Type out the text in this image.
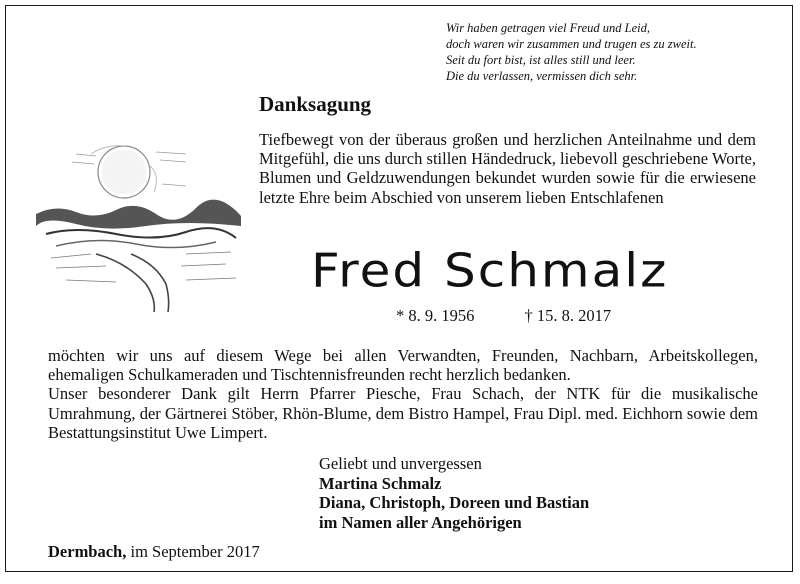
Wir haben getragen viel Freud und Leid,
doch waren wir zusammen und trugen es zu zweit.
Seit du fort bist, ist alles still und leer.
Die du verlassen, vermissen dich sehr.
Danksagung
Tiefbewegt von der überaus großen und herzlichen Anteilnahme und dem Mitgefühl, die uns durch stillen Händedruck, liebevoll geschriebene Worte, Blumen und Geldzuwendungen bekundet wurden sowie für die erwiesene letzte Ehre beim Abschied von unserem lieben Entschlafenen
Fred Schmalz
* 8. 9. 1956	† 15. 8. 2017

möchten wir uns auf diesem Wege bei allen Verwandten, Freunden, Nachbarn, Arbeitskollegen, ehemaligen Schulkameraden und Tischtennisfreunden recht herzlich bedanken.

Unser besonderer Dank gilt Herrn Pfarrer Piesche, Frau Schach, der NTK für die musikalische Umrahmung, der Gärtnerei Stöber, Rhön-Blume, dem Bistro Hampel, Frau Dipl. med. Eichhorn sowie dem Bestattungsinstitut Uwe Limpert.

Geliebt und unvergessen
Martina Schmalz
Diana, Christoph, Doreen und Bastian
im Namen aller Angehörigen
Dermbach, im September 2017
